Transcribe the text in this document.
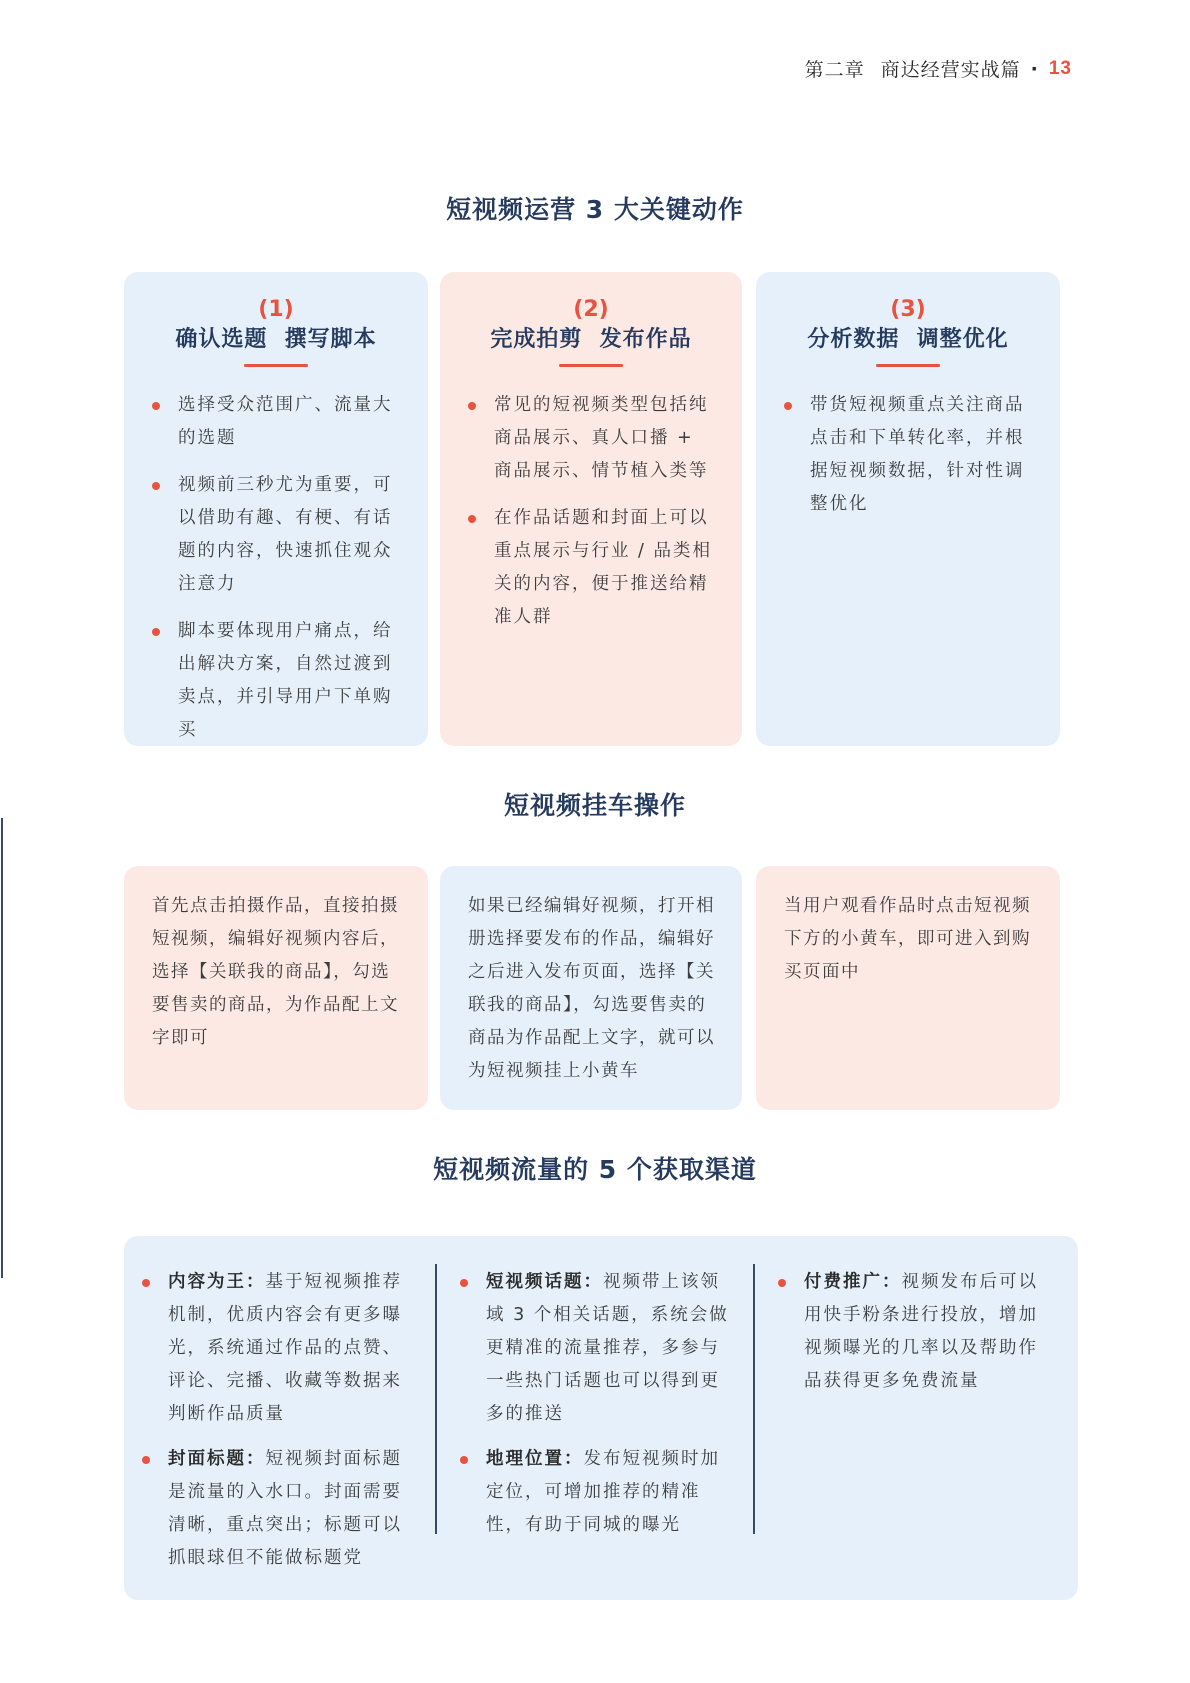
第二章 商达经营实战篇 · 13
短视频运营 3 大关键动作
(1)
确认选题  撰写脚本
选择受众范围广、流量大的选题
视频前三秒尤为重要，可以借助有趣、有梗、有话题的内容，快速抓住观众注意力
脚本要体现用户痛点，给出解决方案，自然过渡到卖点，并引导用户下单购买
(2)
完成拍剪  发布作品
常见的短视频类型包括纯商品展示、真人口播 + 商品展示、情节植入类等
在作品话题和封面上可以重点展示与行业 / 品类相关的内容，便于推送给精准人群
(3)
分析数据  调整优化
带货短视频重点关注商品点击和下单转化率，并根据短视频数据，针对性调整优化
短视频挂车操作
首先点击拍摄作品，直接拍摄短视频，编辑好视频内容后，选择【关联我的商品】，勾选要售卖的商品，为作品配上文字即可
如果已经编辑好视频，打开相册选择要发布的作品，编辑好之后进入发布页面，选择【关联我的商品】，勾选要售卖的商品为作品配上文字，就可以为短视频挂上小黄车
当用户观看作品时点击短视频下方的小黄车，即可进入到购买页面中
短视频流量的 5 个获取渠道
内容为王：基于短视频推荐机制，优质内容会有更多曝光，系统通过作品的点赞、评论、完播、收藏等数据来判断作品质量
封面标题：短视频封面标题是流量的入水口。封面需要清晰，重点突出；标题可以抓眼球但不能做标题党
短视频话题：视频带上该领域 3 个相关话题，系统会做更精准的流量推荐，多参与一些热门话题也可以得到更多的推送
地理位置：发布短视频时加定位，可增加推荐的精准性，有助于同城的曝光
付费推广：视频发布后可以用快手粉条进行投放，增加视频曝光的几率以及帮助作品获得更多免费流量
